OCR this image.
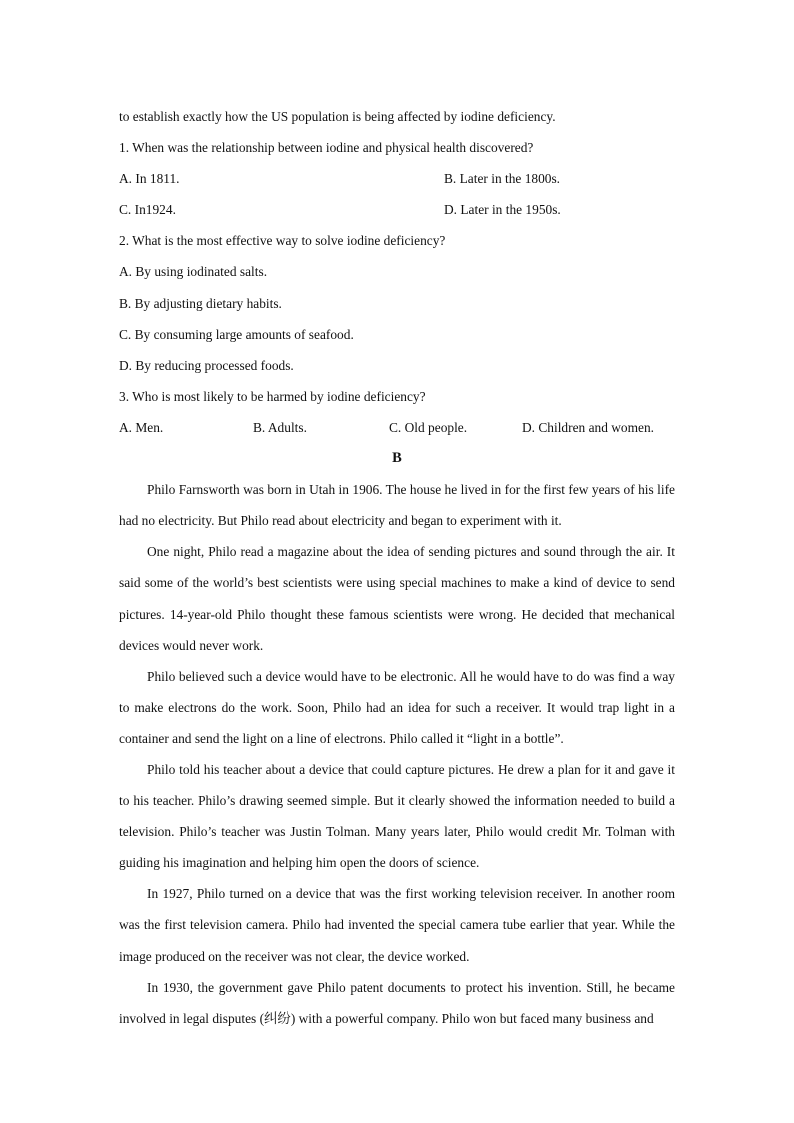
to establish exactly how the US population is being affected by iodine deficiency.
1. When was the relationship between iodine and physical health discovered?
A. In 1811.	B. Later in the 1800s.
C. In1924.	D. Later in the 1950s.
2. What is the most effective way to solve iodine deficiency?
A. By using iodinated salts.
B. By adjusting dietary habits.
C. By consuming large amounts of seafood.
D. By reducing processed foods.
3. Who is most likely to be harmed by iodine deficiency?
A. Men.	B. Adults.	C. Old people.	D. Children and women.
B

Philo Farnsworth was born in Utah in 1906. The house he lived in for the first few years of his life had no electricity. But Philo read about electricity and began to experiment with it.

One night, Philo read a magazine about the idea of sending pictures and sound through the air. It said some of the world’s best scientists were using special machines to make a kind of device to send pictures. 14-year-old Philo thought these famous scientists were wrong. He decided that mechanical devices would never work.

Philo believed such a device would have to be electronic. All he would have to do was find a way to make electrons do the work. Soon, Philo had an idea for such a receiver. It would trap light in a container and send the light on a line of electrons. Philo called it “light in a bottle”.

Philo told his teacher about a device that could capture pictures. He drew a plan for it and gave it to his teacher. Philo’s drawing seemed simple. But it clearly showed the information needed to build a television. Philo’s teacher was Justin Tolman. Many years later, Philo would credit Mr. Tolman with guiding his imagination and helping him open the doors of science.

In 1927, Philo turned on a device that was the first working television receiver. In another room was the first television camera. Philo had invented the special camera tube earlier that year. While the image produced on the receiver was not clear, the device worked.

In 1930, the government gave Philo patent documents to protect his invention. Still, he became involved in legal disputes (纠纷) with a powerful company. Philo won but faced many business and
